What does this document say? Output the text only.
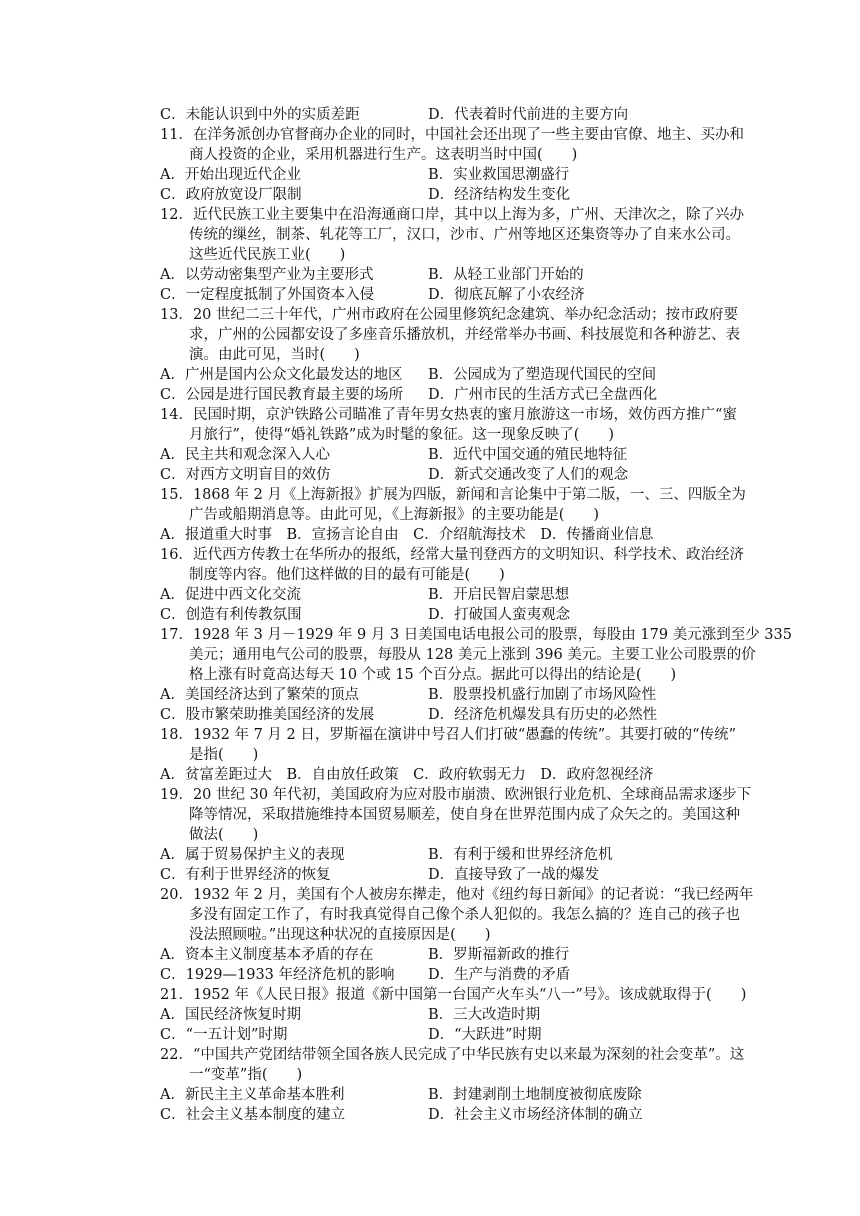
C．未能认识到中外的实质差距	D．代表着时代前进的主要方向
11．在洋务派创办官督商办企业的同时，中国社会还出现了一些主要由官僚、地主、买办和
　　商人投资的企业，采用机器进行生产。这表明当时中国(　　)
A．开始出现近代企业	B．实业救国思潮盛行
C．政府放宽设厂限制	D．经济结构发生变化
12．近代民族工业主要集中在沿海通商口岸，其中以上海为多，广州、天津次之，除了兴办
　　传统的缫丝，制茶、轧花等工厂，汉口，沙市、广州等地区还集资等办了自来水公司。
　　这些近代民族工业(　　)
A．以劳动密集型产业为主要形式	B．从轻工业部门开始的
C．一定程度抵制了外国资本入侵	D．彻底瓦解了小农经济
13．20 世纪二三十年代，广州市政府在公园里修筑纪念建筑、举办纪念活动；按市政府要
　　求，广州的公园都安设了多座音乐播放机，并经常举办书画、科技展览和各种游艺、表
　　演。由此可见，当时(　　)
A．广州是国内公众文化最发达的地区 B．公园成为了塑造现代国民的空间
C．公园是进行国民教育最主要的场所 D．广州市民的生活方式已全盘西化
14．民国时期，京沪铁路公司瞄准了青年男女热衷的蜜月旅游这一市场，效仿西方推广“蜜
　　月旅行”，使得“婚礼铁路”成为时髦的象征。这一现象反映了(　　)
A．民主共和观念深入人心	B．近代中国交通的殖民地特征
C．对西方文明盲目的效仿	D．新式交通改变了人们的观念
15．1868 年 2 月《上海新报》扩展为四版，新闻和言论集中于第二版，一、三、四版全为
　　广告或船期消息等。由此可见，《上海新报》的主要功能是(　　)
A．报道重大时事　B．宣扬言论自由　C．介绍航海技术　D．传播商业信息
16．近代西方传教士在华所办的报纸，经常大量刊登西方的文明知识、科学技术、政治经济
　　制度等内容。他们这样做的目的最有可能是(　　)
A．促进中西文化交流	B．开启民智启蒙思想
C．创造有利传教氛围	D．打破国人蛮夷观念
17．1928 年 3 月－1929 年 9 月 3 日美国电话电报公司的股票，每股由 179 美元涨到至少 335
　　美元；通用电气公司的股票，每股从 128 美元上涨到 396 美元。主要工业公司股票的价
　　格上涨有时竟高达每天 10 个或 15 个百分点。据此可以得出的结论是(　　)
A．美国经济达到了繁荣的顶点	B．股票投机盛行加剧了市场风险性
C．股市繁荣助推美国经济的发展	D．经济危机爆发具有历史的必然性
18．1932 年 7 月 2 日，罗斯福在演讲中号召人们打破“愚蠢的传统”。其要打破的“传统”
　　是指(　　)
A．贫富差距过大　B．自由放任政策　C．政府软弱无力　D．政府忽视经济
19．20 世纪 30 年代初，美国政府为应对股市崩溃、欧洲银行业危机、全球商品需求逐步下
　　降等情况，采取措施维持本国贸易顺差，使自身在世界范围内成了众矢之的。美国这种
　　做法(　　)
A．属于贸易保护主义的表现	B．有利于缓和世界经济危机
C．有利于世界经济的恢复	D．直接导致了一战的爆发
20．1932 年 2 月，美国有个人被房东撵走，他对《纽约每日新闻》的记者说：“我已经两年
　　多没有固定工作了，有时我真觉得自己像个杀人犯似的。我怎么搞的？连自己的孩子也
　　没法照顾啦。”出现这种状况的直接原因是(　　)
A．资本主义制度基本矛盾的存在	B．罗斯福新政的推行
C．1929—1933 年经济危机的影响 D．生产与消费的矛盾
21．1952 年《人民日报》报道《新中国第一台国产火车头“八一”号》。该成就取得于(　　)
A．国民经济恢复时期	B．三大改造时期
C．“一五计划”时期	D．“大跃进”时期
22．“中国共产党团结带领全国各族人民完成了中华民族有史以来最为深刻的社会变革”。这
　　一“变革”指(　　)
A．新民主主义革命基本胜利	B．封建剥削土地制度被彻底废除
C．社会主义基本制度的建立	D．社会主义市场经济体制的确立
